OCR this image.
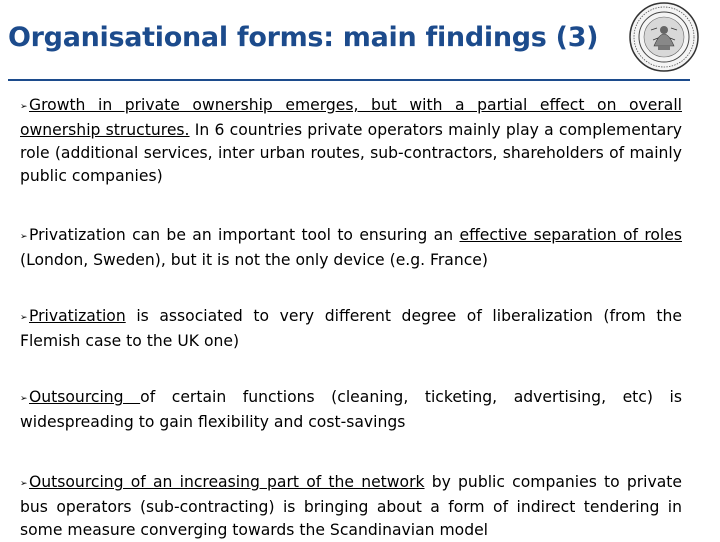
Organisational forms: main findings (3)

➢Growth in private ownership emerges, but with a partial effect on overall ownership structures. In 6 countries private operators mainly play a complementary role (additional services, inter urban routes, sub-contractors, shareholders of mainly public companies)

➢Privatization can be an important tool to ensuring an effective separation of roles (London, Sweden), but it is not the only device (e.g. France)

➢Privatization is associated to very different degree of liberalization (from the Flemish case to the UK one)

➢Outsourcing of certain functions (cleaning, ticketing, advertising, etc) is widespreading to gain flexibility and cost-savings

➢Outsourcing of an increasing part of the network by public companies to private bus operators (sub-contracting) is bringing about a form of indirect tendering in some measure converging towards the Scandinavian model
